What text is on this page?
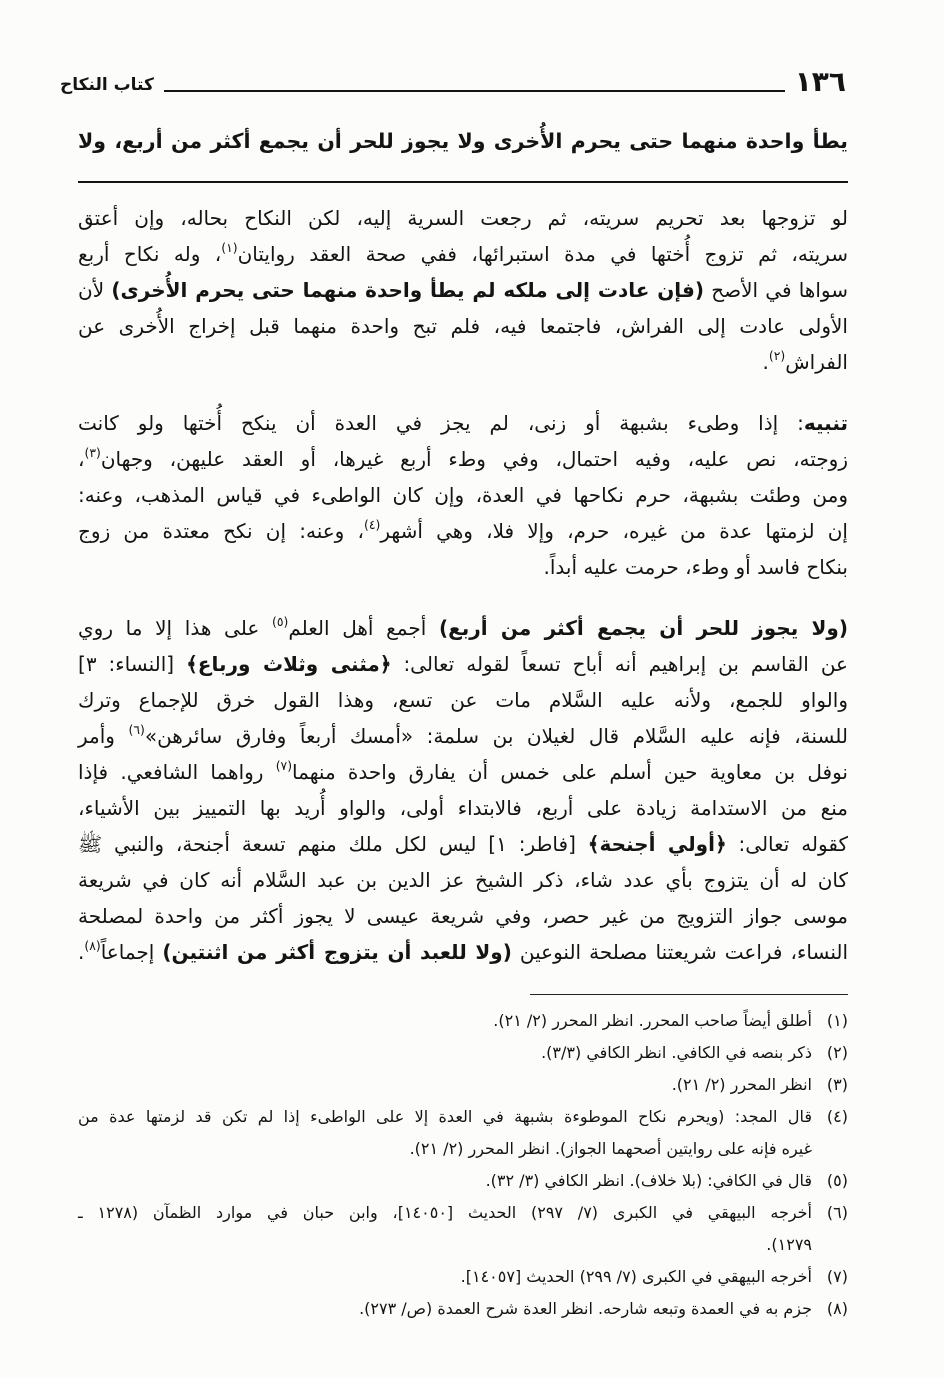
١٣٦
كتاب النكاح
يطأ واحدة منهما حتى يحرم الأُخرى ولا يجوز للحر أن يجمع أكثر من أربع، ولا
لو تزوجها بعد تحريم سريته، ثم رجعت السرية إليه، لكن النكاح بحاله، وإن أعتق
سريته، ثم تزوج أُختها في مدة استبرائها، ففي صحة العقد روايتان$^{(١)}$، وله نكاح أربع
سواها في الأصح (فإن عادت إلى ملكه لم يطأ واحدة منهما حتى يحرم الأُخرى) لأن
الأولى عادت إلى الفراش، فاجتمعا فيه، فلم تبح واحدة منهما قبل إخراج الأُخرى عن
الفراش$^{(٢)}$.
تنبيه: إذا وطىء بشبهة أو زنى، لم يجز في العدة أن ينكح أُختها ولو كانت
زوجته، نص عليه، وفيه احتمال، وفي وطء أربع غيرها، أو العقد عليهن، وجهان$^{(٣)}$،
ومن وطئت بشبهة، حرم نكاحها في العدة، وإن كان الواطىء في قياس المذهب، وعنه:
إن لزمتها عدة من غيره، حرم، وإلا فلا، وهي أشهر$^{(٤)}$، وعنه: إن نكح معتدة من زوج
بنكاح فاسد أو وطء، حرمت عليه أبداً.
(ولا يجوز للحر أن يجمع أكثر من أربع) أجمع أهل العلم$^{(٥)}$ على هذا إلا ما روي
عن القاسم بن إبراهيم أنه أباح تسعاً لقوله تعالى: ﴿مثنى وثلاث ورباع﴾ [النساء: ٣]
والواو للجمع، ولأنه عليه السَّلام مات عن تسع، وهذا القول خرق للإجماع وترك
للسنة، فإنه عليه السَّلام قال لغيلان بن سلمة: «أمسك أربعاً وفارق سائرهن»$^{(٦)}$ وأمر
نوفل بن معاوية حين أسلم على خمس أن يفارق واحدة منهما$^{(٧)}$ رواهما الشافعي. فإذا
منع من الاستدامة زيادة على أربع، فالابتداء أولى، والواو أُريد بها التمييز بين الأشياء،
كقوله تعالى: ﴿أولي أجنحة﴾ [فاطر: ١] ليس لكل ملك منهم تسعة أجنحة، والنبي ﷺ
كان له أن يتزوج بأي عدد شاء، ذكر الشيخ عز الدين بن عبد السَّلام أنه كان في شريعة
موسى جواز التزويج من غير حصر، وفي شريعة عيسى لا يجوز أكثر من واحدة لمصلحة
النساء، فراعت شريعتنا مصلحة النوعين (ولا للعبد أن يتزوج أكثر من اثنتين) إجماعاً$^{(٨)}$.
(١)
أطلق أيضاً صاحب المحرر. انظر المحرر (٢/ ٢١).
(٢)
ذكر بنصه في الكافي. انظر الكافي (٣/٣).
(٣)
انظر المحرر (٢/ ٢١).
(٤)
قال المجد: (ويحرم نكاح الموطوءة بشبهة في العدة إلا على الواطىء إذا لم تكن قد لزمتها عدة من
غيره فإنه على روايتين أصحهما الجواز). انظر المحرر (٢/ ٢١).
(٥)
قال في الكافي: (بلا خلاف). انظر الكافي (٣/ ٣٢).
(٦)
أخرجه البيهقي في الكبرى (٧/ ٢٩٧) الحديث [١٤٠٥٠]، وابن حبان في موارد الظمآن (١٢٧٨ ـ
١٢٧٩).
(٧)
أخرجه البيهقي في الكبرى (٧/ ٢٩٩) الحديث [١٤٠٥٧].
(٨)
جزم به في العمدة وتبعه شارحه. انظر العدة شرح العمدة (ص/ ٢٧٣).
